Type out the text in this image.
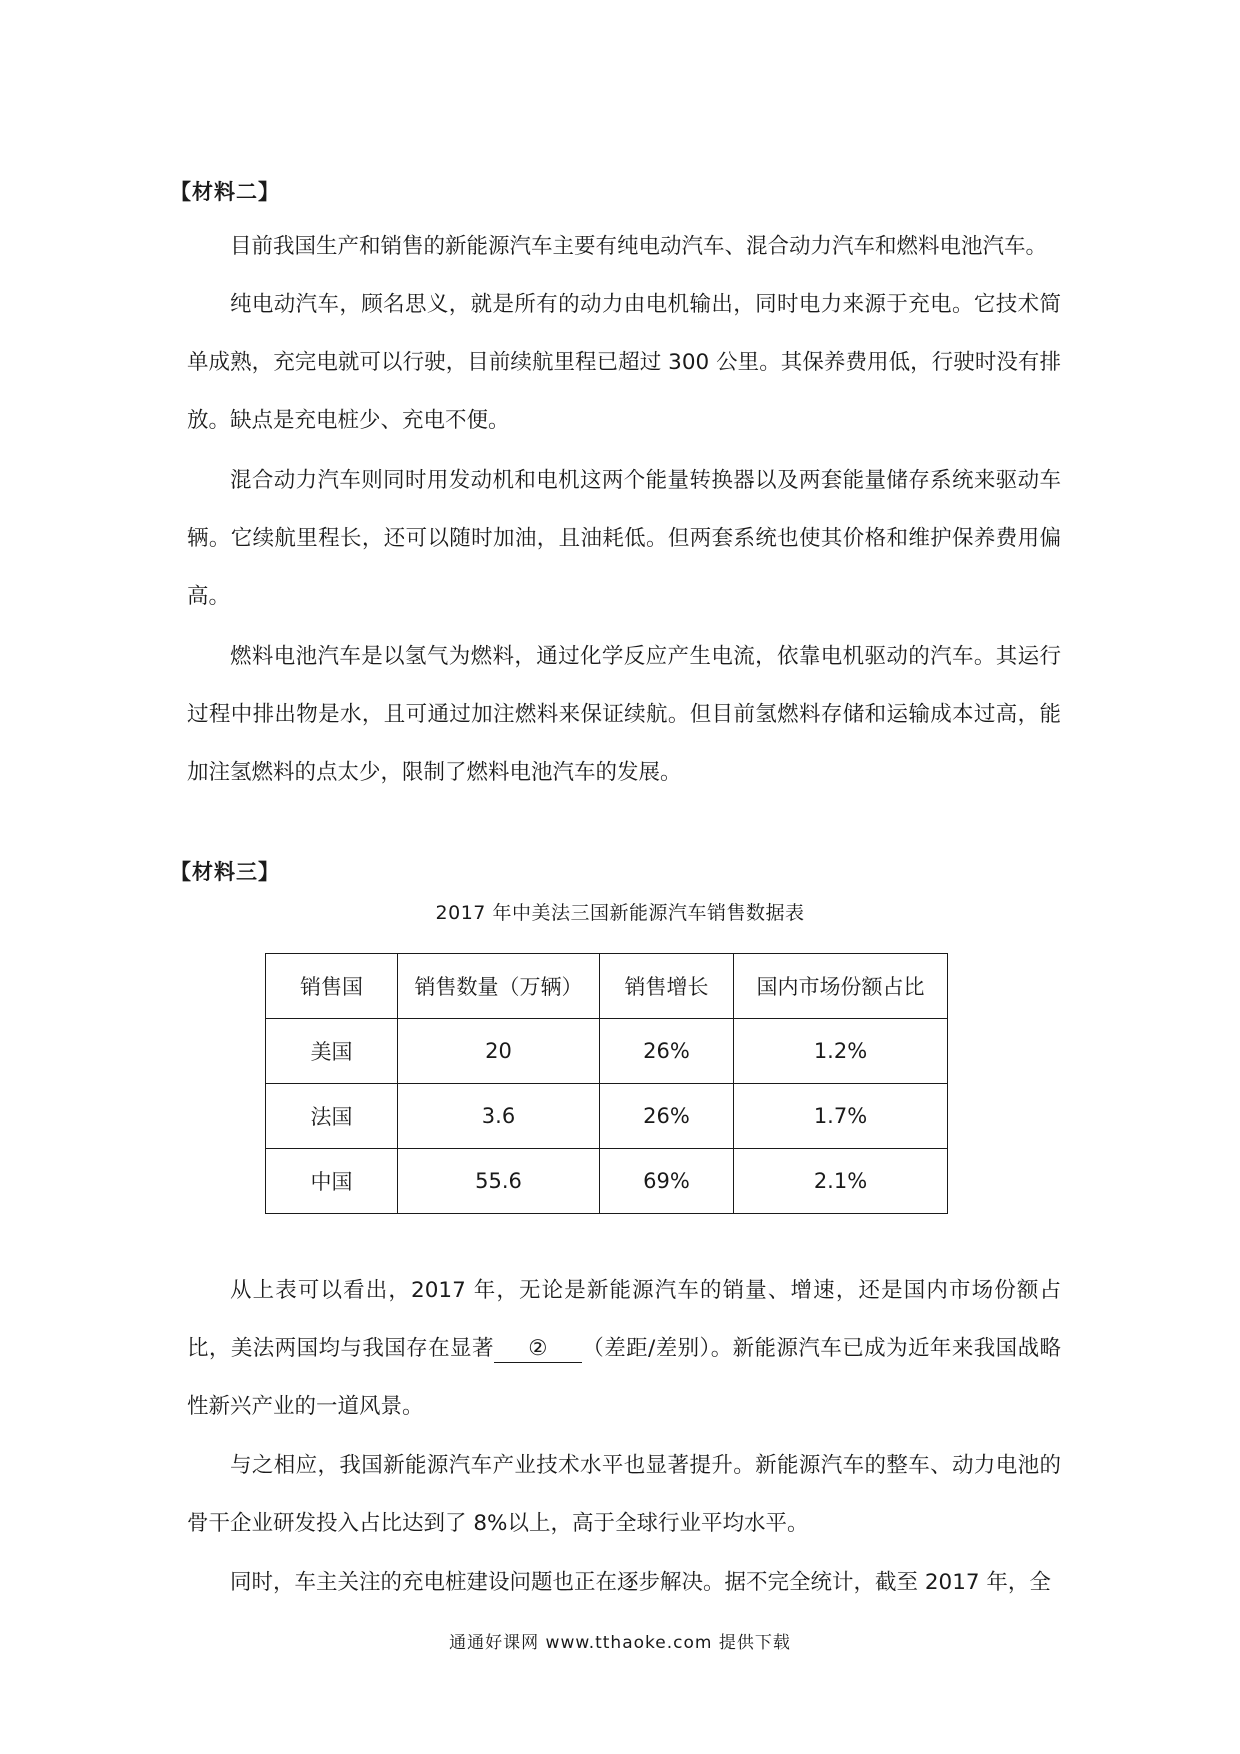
【材料二】

目前我国生产和销售的新能源汽车主要有纯电动汽车、混合动力汽车和燃料电池汽车。

纯电动汽车，顾名思义，就是所有的动力由电机输出，同时电力来源于充电。它技术简单成熟，充完电就可以行驶，目前续航里程已超过 300 公里。其保养费用低，行驶时没有排放。缺点是充电桩少、充电不便。

混合动力汽车则同时用发动机和电机这两个能量转换器以及两套能量储存系统来驱动车辆。它续航里程长，还可以随时加油，且油耗低。但两套系统也使其价格和维护保养费用偏高。

燃料电池汽车是以氢气为燃料，通过化学反应产生电流，依靠电机驱动的汽车。其运行过程中排出物是水，且可通过加注燃料来保证续航。但目前氢燃料存储和运输成本过高，能加注氢燃料的点太少，限制了燃料电池汽车的发展。

【材料三】
2017 年中美法三国新能源汽车销售数据表
销售国	销售数量（万辆）	销售增长	国内市场份额占比
美国	20	26%	1.2%
法国	3.6	26%	1.7%
中国	55.6	69%	2.1%

从上表可以看出，2017 年，无论是新能源汽车的销量、增速，还是国内市场份额占比，美法两国均与我国存在显著 ② （差距/差别）。新能源汽车已成为近年来我国战略性新兴产业的一道风景。

与之相应，我国新能源汽车产业技术水平也显著提升。新能源汽车的整车、动力电池的骨干企业研发投入占比达到了 8%以上，高于全球行业平均水平。

同时，车主关注的充电桩建设问题也正在逐步解决。据不完全统计，截至 2017 年，全

通通好课网 www.tthaoke.com 提供下载
